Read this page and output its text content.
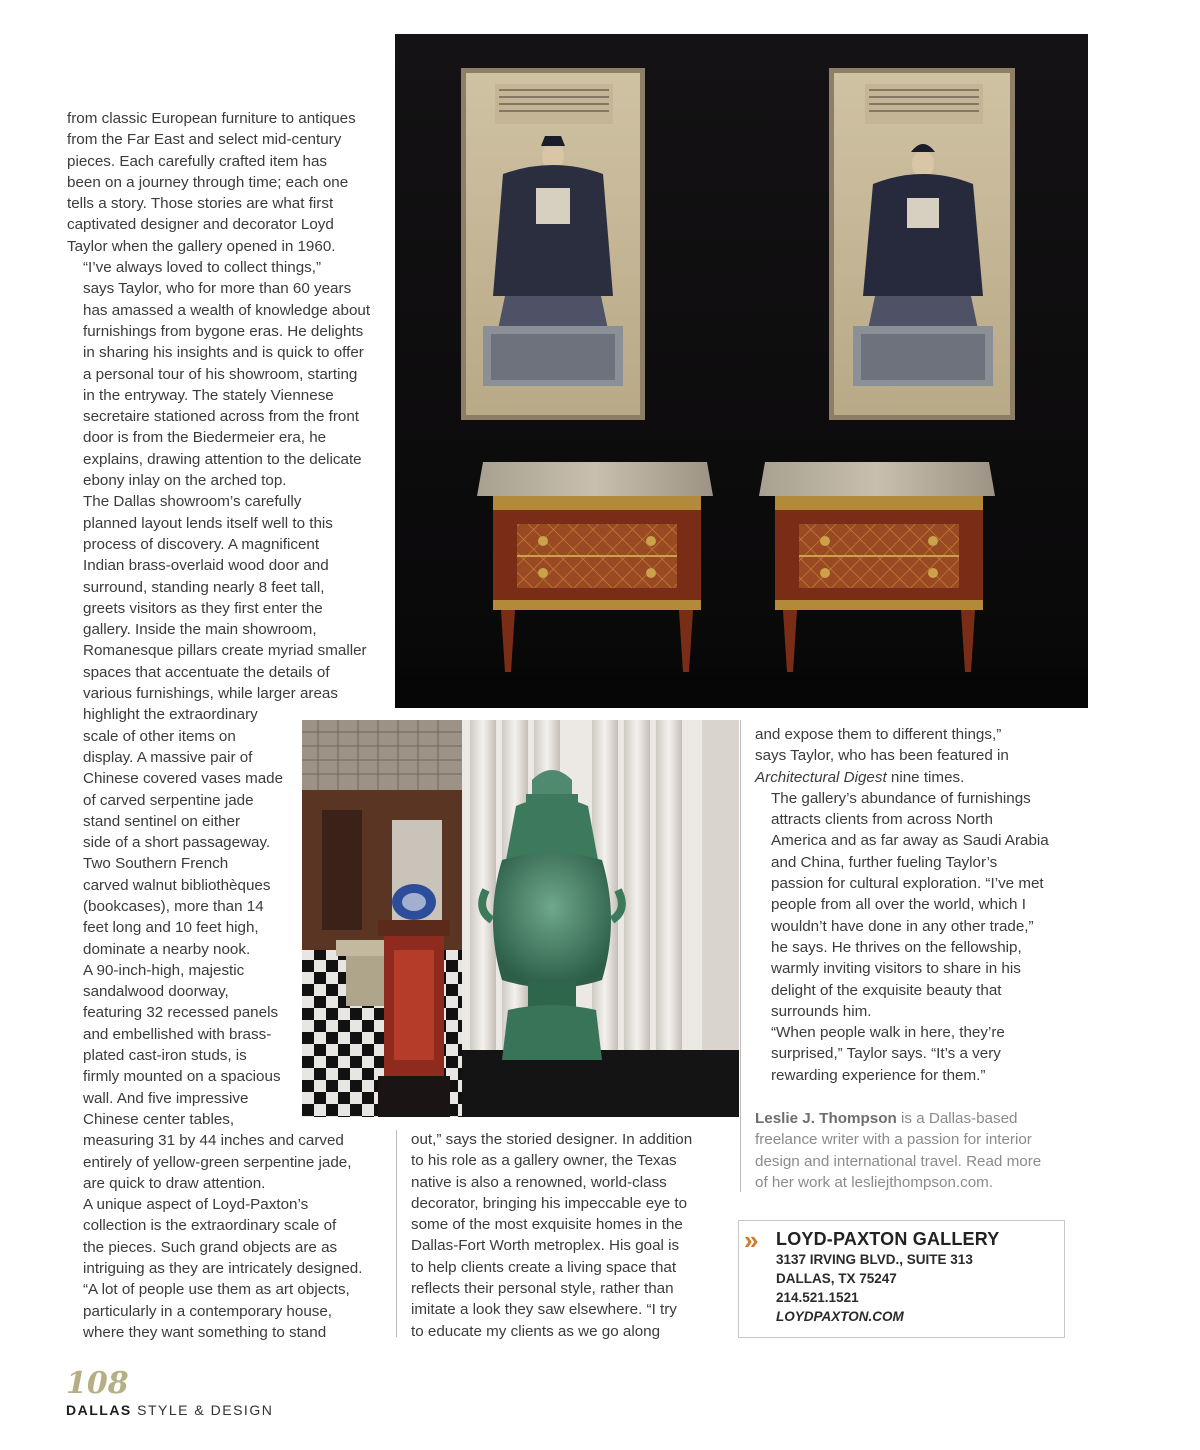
from classic European furniture to antiques
from the Far East and select mid-century
pieces. Each carefully crafted item has
been on a journey through time; each one
tells a story. Those stories are what first
captivated designer and decorator Loyd
Taylor when the gallery opened in 1960.

“I’ve always loved to collect things,”
says Taylor, who for more than 60 years
has amassed a wealth of knowledge about
furnishings from bygone eras. He delights
in sharing his insights and is quick to offer
a personal tour of his showroom, starting
in the entryway. The stately Viennese
secretaire stationed across from the front
door is from the Biedermeier era, he
explains, drawing attention to the delicate
ebony inlay on the arched top.

The Dallas showroom’s carefully
planned layout lends itself well to this
process of discovery. A magnificent
Indian brass-overlaid wood door and
surround, standing nearly 8 feet tall,
greets visitors as they first enter the
gallery. Inside the main showroom,
Romanesque pillars create myriad smaller
spaces that accentuate the details of
various furnishings, while larger areas
highlight the extraordinary
scale of other items on
display. A massive pair of
Chinese covered vases made
of carved serpentine jade
stand sentinel on either
side of a short passageway.
Two Southern French
carved walnut bibliothèques
(bookcases), more than 14
feet long and 10 feet high,
dominate a nearby nook.
A 90-inch-high, majestic
sandalwood doorway,
featuring 32 recessed panels
and embellished with brass-
plated cast-iron studs, is
firmly mounted on a spacious
wall. And five impressive
Chinese center tables,
measuring 31 by 44 inches and carved
entirely of yellow-green serpentine jade,
are quick to draw attention.

A unique aspect of Loyd-Paxton’s
collection is the extraordinary scale of
the pieces. Such grand objects are as
intriguing as they are intricately designed.
“A lot of people use them as art objects,
particularly in a contemporary house,
where they want something to stand

out,” says the storied designer. In addition
to his role as a gallery owner, the Texas
native is also a renowned, world-class
decorator, bringing his impeccable eye to
some of the most exquisite homes in the
Dallas-Fort Worth metroplex. His goal is
to help clients create a living space that
reflects their personal style, rather than
imitate a look they saw elsewhere. “I try
to educate my clients as we go along

and expose them to different things,”
says Taylor, who has been featured in
Architectural Digest nine times.

The gallery’s abundance of furnishings
attracts clients from across North
America and as far away as Saudi Arabia
and China, further fueling Taylor’s
passion for cultural exploration. “I’ve met
people from all over the world, which I
wouldn’t have done in any other trade,”
he says. He thrives on the fellowship,
warmly inviting visitors to share in his
delight of the exquisite beauty that
surrounds him.

“When people walk in here, they’re
surprised,” Taylor says. “It’s a very
rewarding experience for them.”

Leslie J. Thompson is a Dallas-based
freelance writer with a passion for interior
design and international travel. Read more
of her work at lesliejthompson.com.
» LOYD-PAXTON GALLERY
3137 IRVING BLVD., SUITE 313
DALLAS, TX 75247
214.521.1521
LOYDPAXTON.COM
108
DALLAS STYLE & DESIGN
